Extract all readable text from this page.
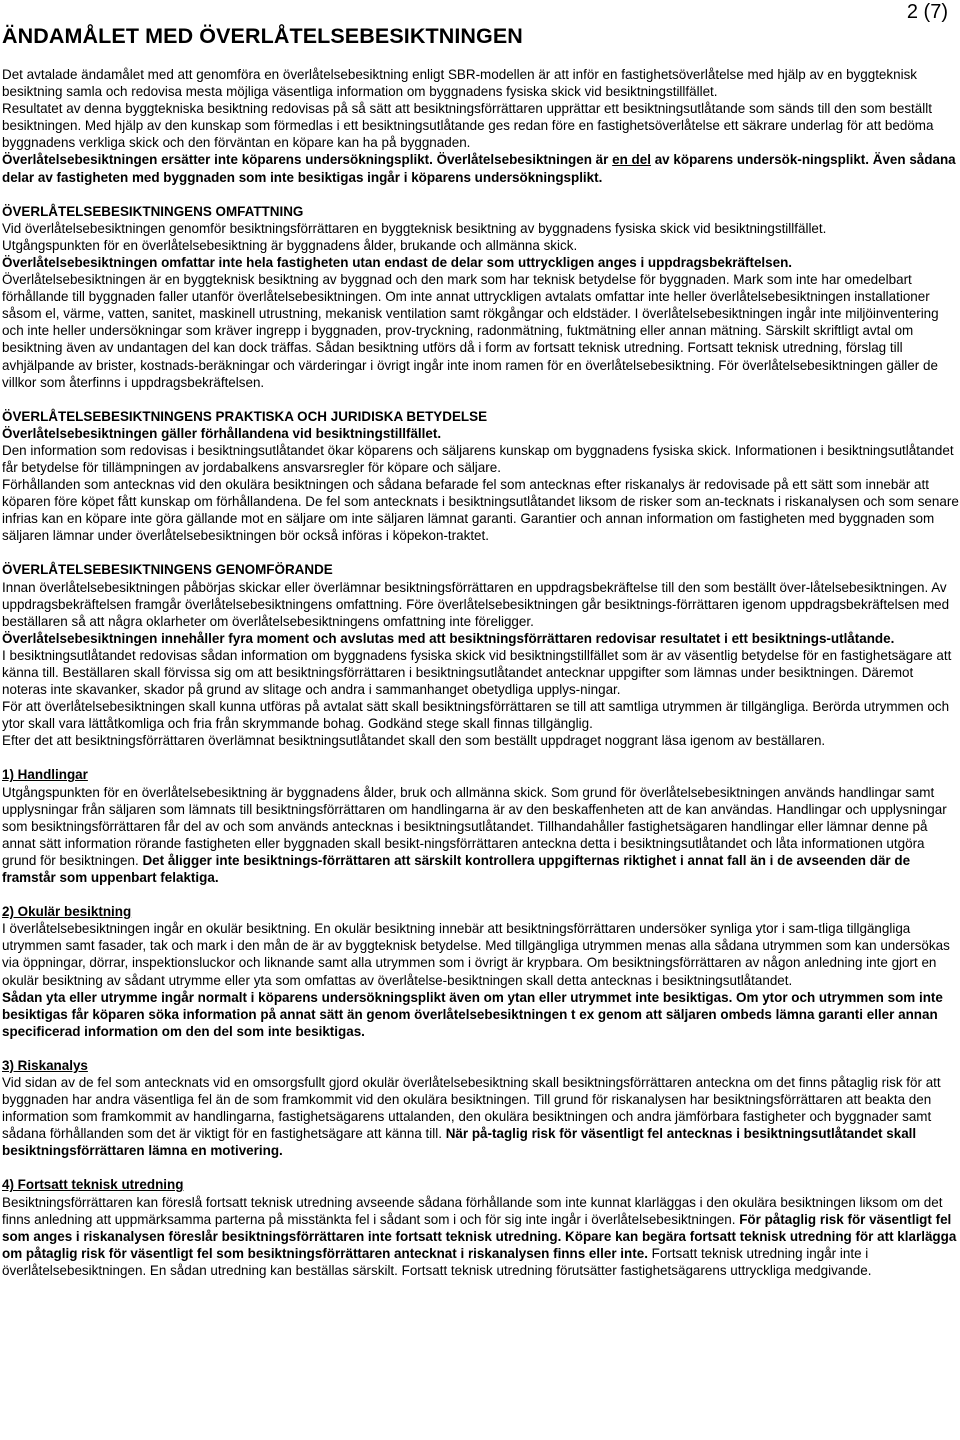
2 (7)
ÄNDAMÅLET MED ÖVERLÅTELSEBESIKTNINGEN

Det avtalade ändamålet med att genomföra en överlåtelsebesiktning enligt SBR-modellen är att inför en fastighetsöverlåtelse med hjälp av en byggteknisk besiktning samla och redovisa mesta möjliga väsentliga information om byggnadens fysiska skick vid besiktningstillfället.

Resultatet av denna byggtekniska besiktning redovisas på så sätt att besiktningsförrättaren upprättar ett besiktningsutlåtande som sänds till den som beställt besiktningen. Med hjälp av den kunskap som förmedlas i ett besiktningsutlåtande ges redan före en fastighetsöverlåtelse ett säkrare underlag för att bedöma byggnadens verkliga skick och den förväntan en köpare kan ha på byggnaden.

Överlåtelsebesiktningen ersätter inte köparens undersökningsplikt. Överlåtelsebesiktningen är en del av köparens undersök-ningsplikt. Även sådana delar av fastigheten med byggnaden som inte besiktigas ingår i köparens undersökningsplikt.

ÖVERLÅTELSEBESIKTNINGENS OMFATTNING

Vid överlåtelsebesiktningen genomför besiktningsförrättaren en byggteknisk besiktning av byggnadens fysiska skick vid besiktningstillfället.

Utgångspunkten för en överlåtelsebesiktning är byggnadens ålder, brukande och allmänna skick.

Överlåtelsebesiktningen omfattar inte hela fastigheten utan endast de delar som uttryckligen anges i uppdragsbekräftelsen.

Överlåtelsebesiktningen är en byggteknisk besiktning av byggnad och den mark som har teknisk betydelse för byggnaden. Mark som inte har omedelbart förhållande till byggnaden faller utanför överlåtelsebesiktningen. Om inte annat uttryckligen avtalats omfattar inte heller överlåtelsebesiktningen installationer såsom el, värme, vatten, sanitet, maskinell utrustning, mekanisk ventilation samt rökgångar och eldstäder. I överlåtelsebesiktningen ingår inte miljöinventering och inte heller undersökningar som kräver ingrepp i byggnaden, prov-tryckning, radonmätning, fuktmätning eller annan mätning. Särskilt skriftligt avtal om besiktning även av undantagen del kan dock träffas. Sådan besiktning utförs då i form av fortsatt teknisk utredning. Fortsatt teknisk utredning, förslag till avhjälpande av brister, kostnads-beräkningar och värderingar i övrigt ingår inte inom ramen för en överlåtelsebesiktning. För överlåtelsebesiktningen gäller de villkor som återfinns i uppdragsbekräftelsen.

ÖVERLÅTELSEBESIKTNINGENS PRAKTISKA OCH JURIDISKA BETYDELSE

Överlåtelsebesiktningen gäller förhållandena vid besiktningstillfället.

Den information som redovisas i besiktningsutlåtandet ökar köparens och säljarens kunskap om byggnadens fysiska skick. Informationen i besiktningsutlåtandet får betydelse för tillämpningen av jordabalkens ansvarsregler för köpare och säljare.

Förhållanden som antecknas vid den okulära besiktningen och sådana befarade fel som antecknas efter riskanalys är redovisade på ett sätt som innebär att köparen före köpet fått kunskap om förhållandena. De fel som antecknats i besiktningsutlåtandet liksom de risker som an-tecknats i riskanalysen och som senare infrias kan en köpare inte göra gällande mot en säljare om inte säljaren lämnat garanti. Garantier och annan information om fastigheten med byggnaden som säljaren lämnar under överlåtelsebesiktningen bör också införas i köpekon-traktet.

ÖVERLÅTELSEBESIKTNINGENS GENOMFÖRANDE

Innan överlåtelsebesiktningen påbörjas skickar eller överlämnar besiktningsförrättaren en uppdragsbekräftelse till den som beställt över-låtelsebesiktningen. Av uppdragsbekräftelsen framgår överlåtelsebesiktningens omfattning. Före överlåtelsebesiktningen går besiktnings-förrättaren igenom uppdragsbekräftelsen med beställaren så att några oklarheter om överlåtelsebesiktningens omfattning inte föreligger.

Överlåtelsebesiktningen innehåller fyra moment och avslutas med att besiktningsförrättaren redovisar resultatet i ett besiktnings-utlåtande.

I besiktningsutlåtandet redovisas sådan information om byggnadens fysiska skick vid besiktningstillfället som är av väsentlig betydelse för en fastighetsägare att känna till. Beställaren skall förvissa sig om att besiktningsförrättaren i besiktningsutlåtandet antecknar uppgifter som lämnas under besiktningen. Däremot noteras inte skavanker, skador på grund av slitage och andra i sammanhanget obetydliga upplys-ningar.

För att överlåtelsebesiktningen skall kunna utföras på avtalat sätt skall besiktningsförrättaren se till att samtliga utrymmen är tillgängliga. Berörda utrymmen och ytor skall vara lättåtkomliga och fria från skrymmande bohag. Godkänd stege skall finnas tillgänglig.

Efter det att besiktningsförrättaren överlämnat besiktningsutlåtandet skall den som beställt uppdraget noggrant läsa igenom av beställaren.

1) Handlingar

Utgångspunkten för en överlåtelsebesiktning är byggnadens ålder, bruk och allmänna skick. Som grund för överlåtelsebesiktningen används handlingar samt upplysningar från säljaren som lämnats till besiktningsförrättaren om handlingarna är av den beskaffenheten att de kan användas. Handlingar och upplysningar som besiktningsförrättaren får del av och som används antecknas i besiktningsutlåtandet. Tillhandahåller fastighetsägaren handlingar eller lämnar denne på annat sätt information rörande fastigheten eller byggnaden skall besikt-ningsförrättaren antecknа detta i besiktningsutlåtandet och låta informationen utgöra grund för besiktningen. Det åligger inte besiktnings-förrättaren att särskilt kontrollera uppgifternas riktighet i annat fall än i de avseenden där de framstår som uppenbart felaktiga.

2) Okulär besiktning

I överlåtelsebesiktningen ingår en okulär besiktning. En okulär besiktning innebär att besiktningsförrättaren undersöker synliga ytor i sam-tliga tillgängliga utrymmen samt fasader, tak och mark i den mån de är av byggteknisk betydelse. Med tillgängliga utrymmen menas alla sådana utrymmen som kan undersökas via öppningar, dörrar, inspektionsluckor och liknande samt alla utrymmen som i övrigt är krypbara. Om besiktningsförrättaren av någon anledning inte gjort en okulär besiktning av sådant utrymme eller yta som omfattas av överlåtelse-besiktningen skall detta antecknas i besiktningsutlåtandet.

Sådan yta eller utrymme ingår normalt i köparens undersökningsplikt även om ytan eller utrymmet inte besiktigas. Om ytor och utrymmen som inte besiktigas får köparen söka information på annat sätt än genom överlåtelsebesiktningen t ex genom att säljaren ombeds lämna garanti eller annan specificerad information om den del som inte besiktigas.

3) Riskanalys

Vid sidan av de fel som antecknats vid en omsorgsfullt gjord okulär överlåtelsebesiktning skall besiktningsförrättaren anteckna om det finns påtaglig risk för att byggnaden har andra väsentliga fel än de som framkommit vid den okulära besiktningen. Till grund för riskanalysen har besiktningsförrättaren att beakta den information som framkommit av handlingarna, fastighetsägarens uttalanden, den okulära besiktningen och andra jämförbara fastigheter och byggnader samt sådana förhållanden som det är viktigt för en fastighetsägare att känna till. När på-taglig risk för väsentligt fel antecknas i besiktningsutlåtandet skall besiktningsförrättaren lämna en motivering.

4) Fortsatt teknisk utredning

Besiktningsförrättaren kan föreslå fortsatt teknisk utredning avseende sådana förhållande som inte kunnat klarläggas i den okulära besiktningen liksom om det finns anledning att uppmärksamma parterna på misstänkta fel i sådant som i och för sig inte ingår i överlåtelsebesiktningen. För påtaglig risk för väsentligt fel som anges i riskanalysen föreslår besiktningsförrättaren inte fortsatt teknisk utredning. Köpare kan begära fortsatt teknisk utredning för att klarlägga om påtaglig risk för väsentligt fel som besiktningsförrättaren antecknat i riskanalysen finns eller inte. Fortsatt teknisk utredning ingår inte i överlåtelsebesiktningen. En sådan utredning kan beställas särskilt. Fortsatt teknisk utredning förutsätter fastighetsägarens uttryckliga medgivande.
